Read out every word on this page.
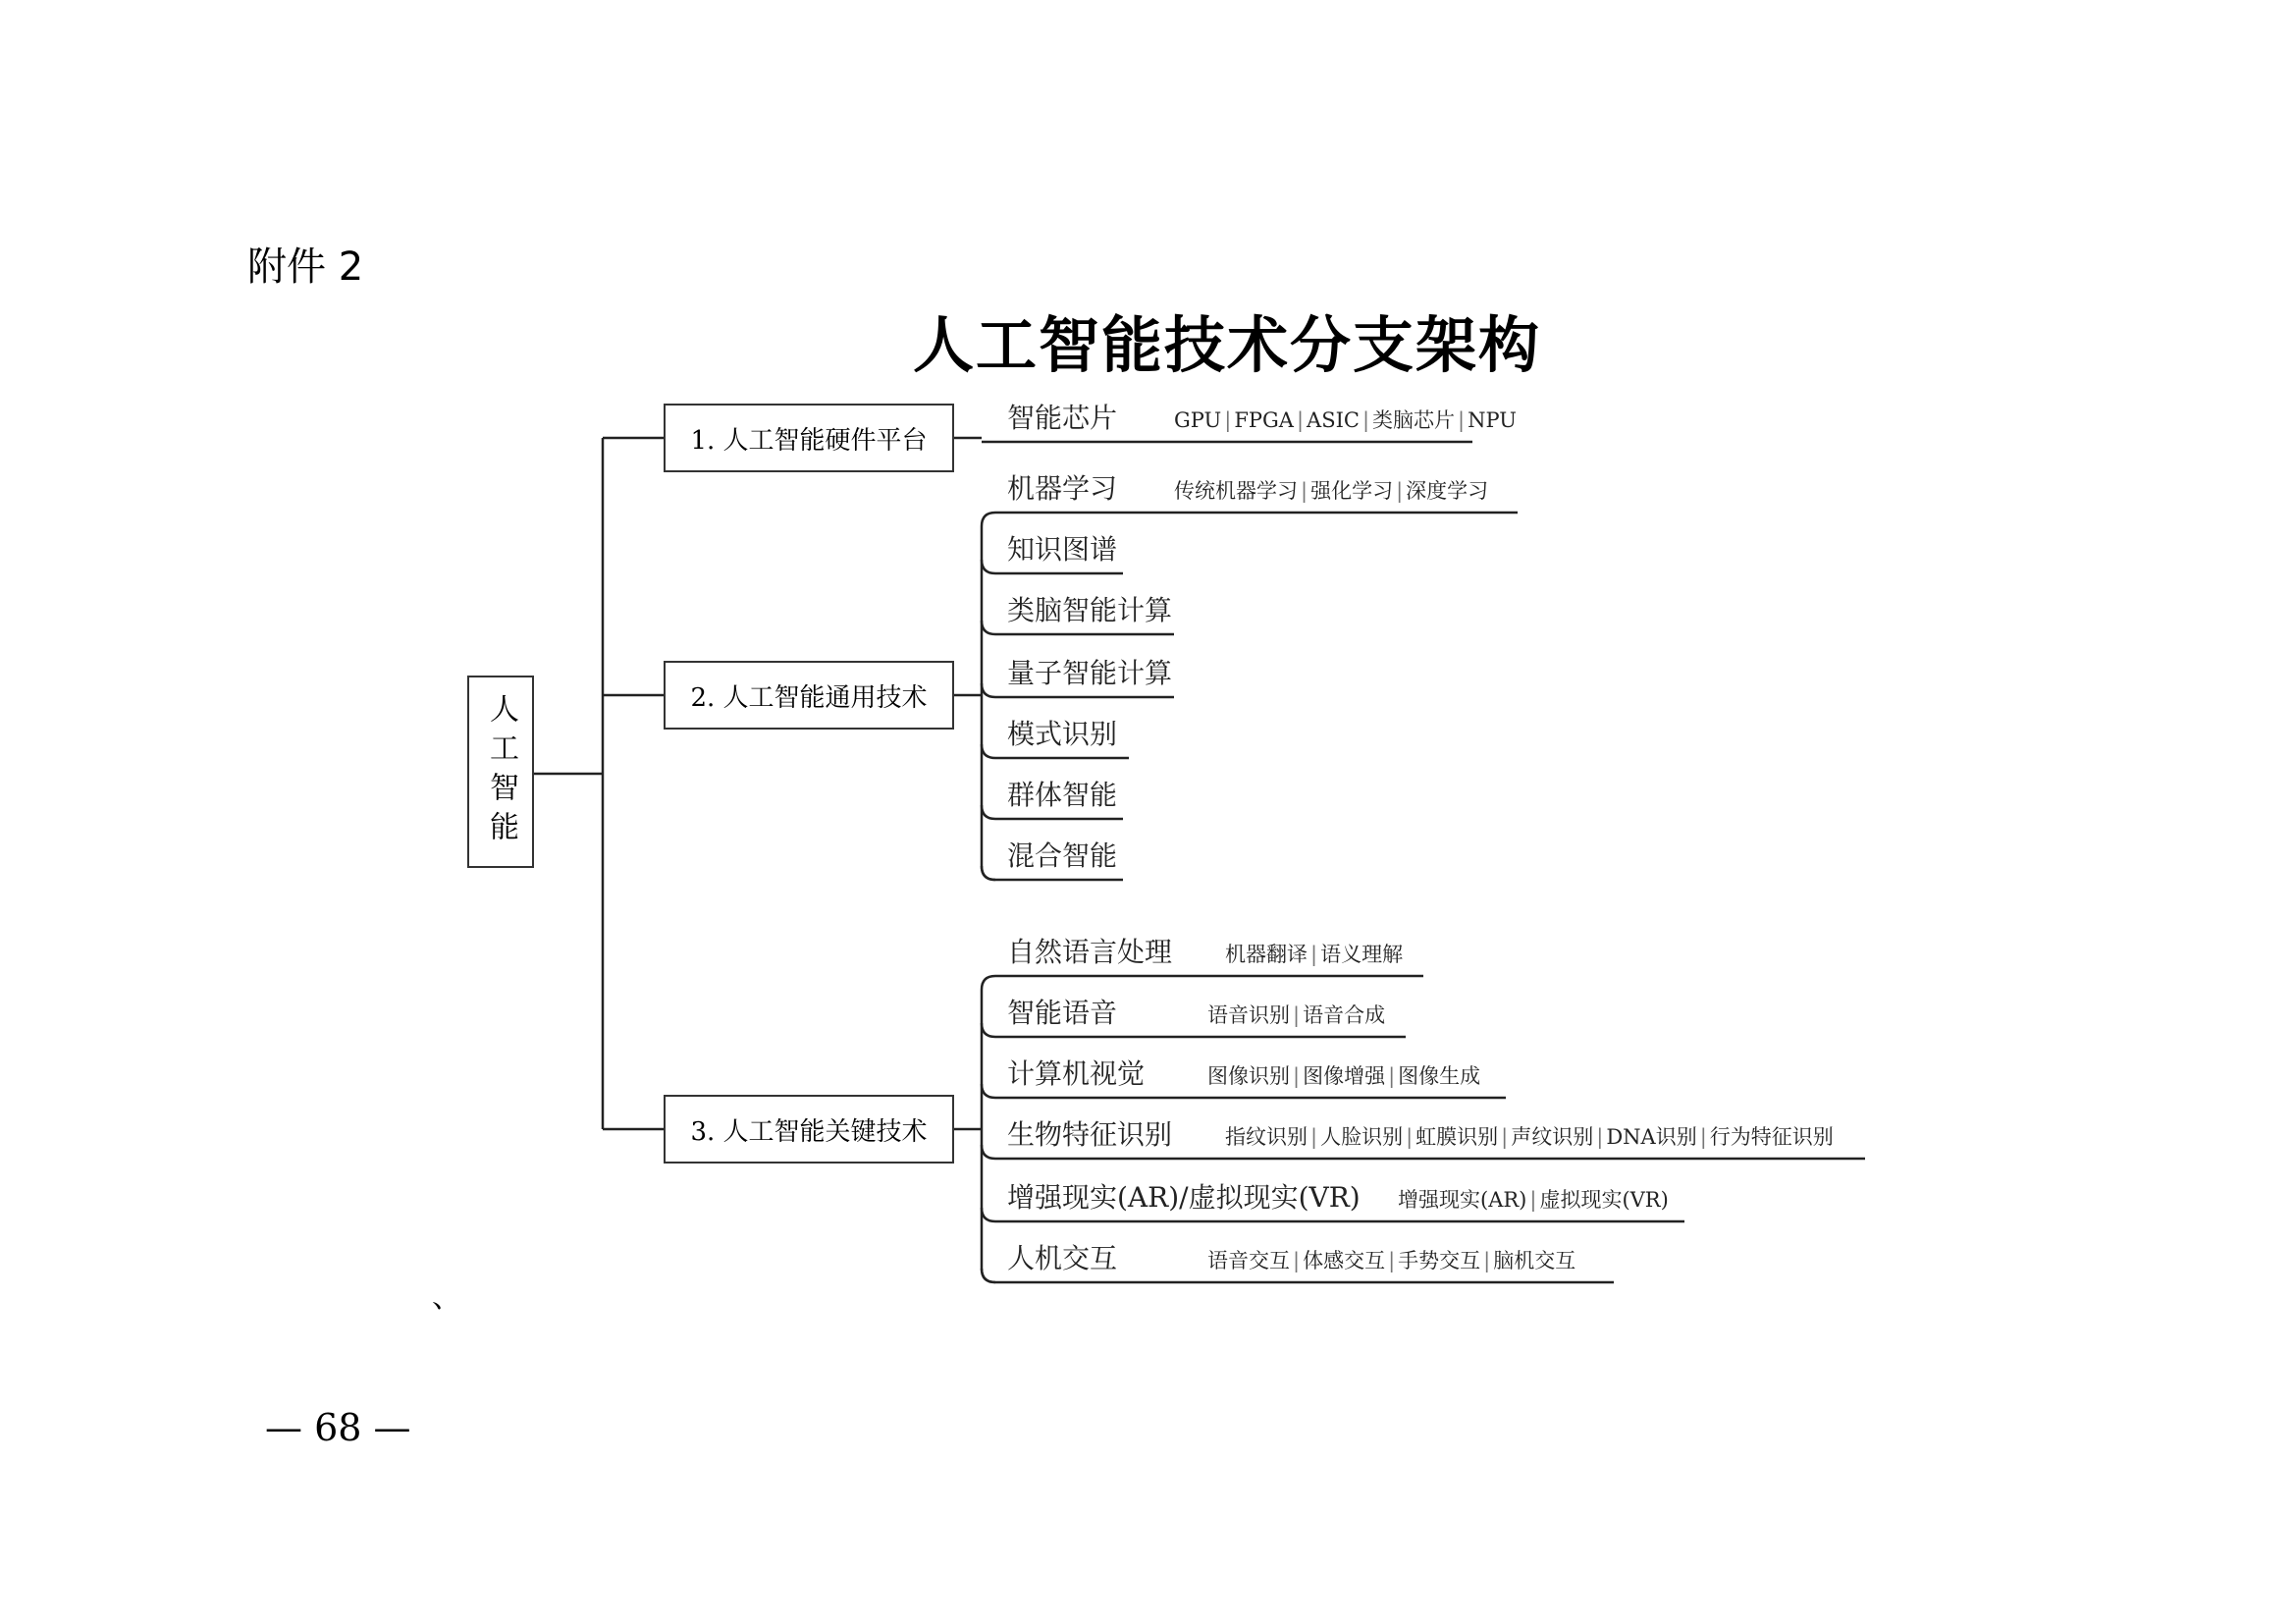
附件 2
人工智能技术分支架构
人工智能
1. 人工智能硬件平台
智能芯片	GPU | FPGA | ASIC | 类脑芯片 | NPU
2. 人工智能通用技术
机器学习	传统机器学习 | 强化学习 | 深度学习
知识图谱
类脑智能计算
量子智能计算
模式识别
群体智能
混合智能
3. 人工智能关键技术
自然语言处理	机器翻译 | 语义理解
智能语音	语音识别 | 语音合成
计算机视觉	图像识别 | 图像增强 | 图像生成
生物特征识别	指纹识别 | 人脸识别 | 虹膜识别 | 声纹识别 | DNA识别 | 行为特征识别
增强现实(AR)/虚拟现实(VR) 增强现实(AR) | 虚拟现实(VR)
人机交互	语音交互 | 体感交互 | 手势交互 | 脑机交互
、
— 68 —
